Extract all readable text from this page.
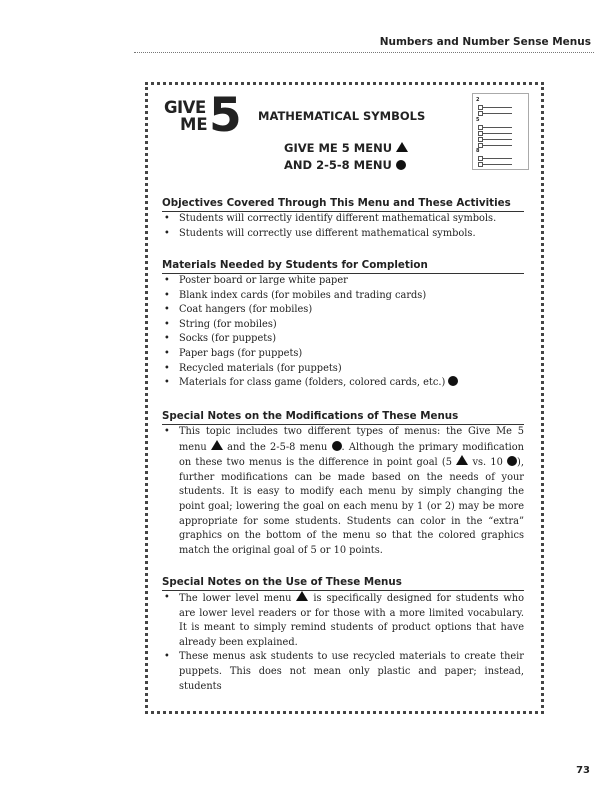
Numbers and Number Sense Menus
GIVE
ME 5 MATHEMATICAL SYMBOLS
GIVE ME 5 MENU
AND 2-5-8 MENU
2
5
8
Objectives Covered Through This Menu and These Activities
• Students will correctly identify different mathematical symbols.
• Students will correctly use different mathematical symbols.
Materials Needed by Students for Completion
• Poster board or large white paper
• Blank index cards (for mobiles and trading cards)
• Coat hangers (for mobiles)
• String (for mobiles)
• Socks (for puppets)
• Paper bags (for puppets)
• Recycled materials (for puppets)
• Materials for class game (folders, colored cards, etc.)
Special Notes on the Modifications of These Menus
• This topic includes two different types of menus: the Give Me 5 menu and the 2-5-8 menu . Although the primary modification on these two menus is the difference in point goal (5 vs. 10 ), further modifications can be made based on the needs of your students. It is easy to modify each menu by simply changing the point goal; lowering the goal on each menu by 1 (or 2) may be more appropriate for some students. Students can color in the “extra” graphics on the bottom of the menu so that the colored graphics match the original goal of 5 or 10 points.
Special Notes on the Use of These Menus
• The lower level menu is specifically designed for students who are lower level readers or for those with a more limited vocabulary. It is meant to simply remind students of product options that have already been explained.
• These menus ask students to use recycled materials to create their puppets. This does not mean only plastic and paper; instead, students
73
